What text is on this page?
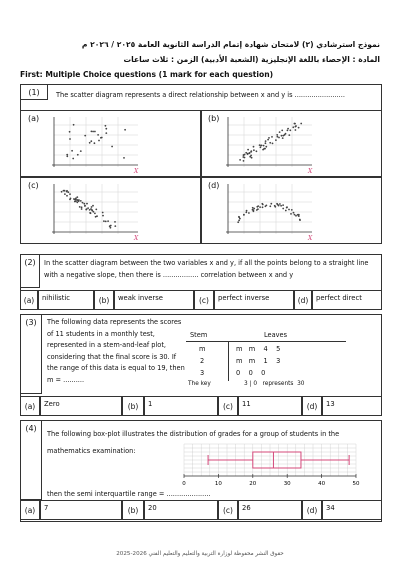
نموذج استرشادي (٢) لامتحان شهادة إتمام الدراسة الثانوية العامة ٢٠٢٥ / ٢٠٢٦ م
المادة : الإحصاء باللغة الإنجليزية (الشعبة الأدبية) الزمن : ثلاث ساعات
First: Multiple Choice questions (1 mark for each question)
(1)	The scatter diagram represents a direct relationship between x and y is ........................
(a)	(b)
(c)	(d)
X	X
X	X
(2)	In the scatter diagram between the two variables x and y, if all the points belong to a straight line with a negative slope, then there is ................. correlation between x and y
(a)	nihilistic	(b)	weak inverse	(c)	perfect inverse	(d)	perfect direct
(3)	The following data represents the scores of 11 students in a monthly test, represented in a stem-and-leaf plot, considering that the final score is 30. If the range of this data is equal to 19, then m = ..........
Stem	Leaves
m	m   m    4    5
2	m   m    1    3
3	0    0    0
The key	3 | 0   represents  30
(a)	Zero	(b)	1	(c)	11	(d)	13
(4)
The following box-plot illustrates the distribution of grades for a group of students in the mathematics examination:
then the semi interquartile range = .....................
0	10	20	30	40	50
(a)	7	(b)	20	(c)	26	(d)	34
حقوق النشر محفوظة لوزارة التربية والتعليم والتعليم الفني 2026-2025
